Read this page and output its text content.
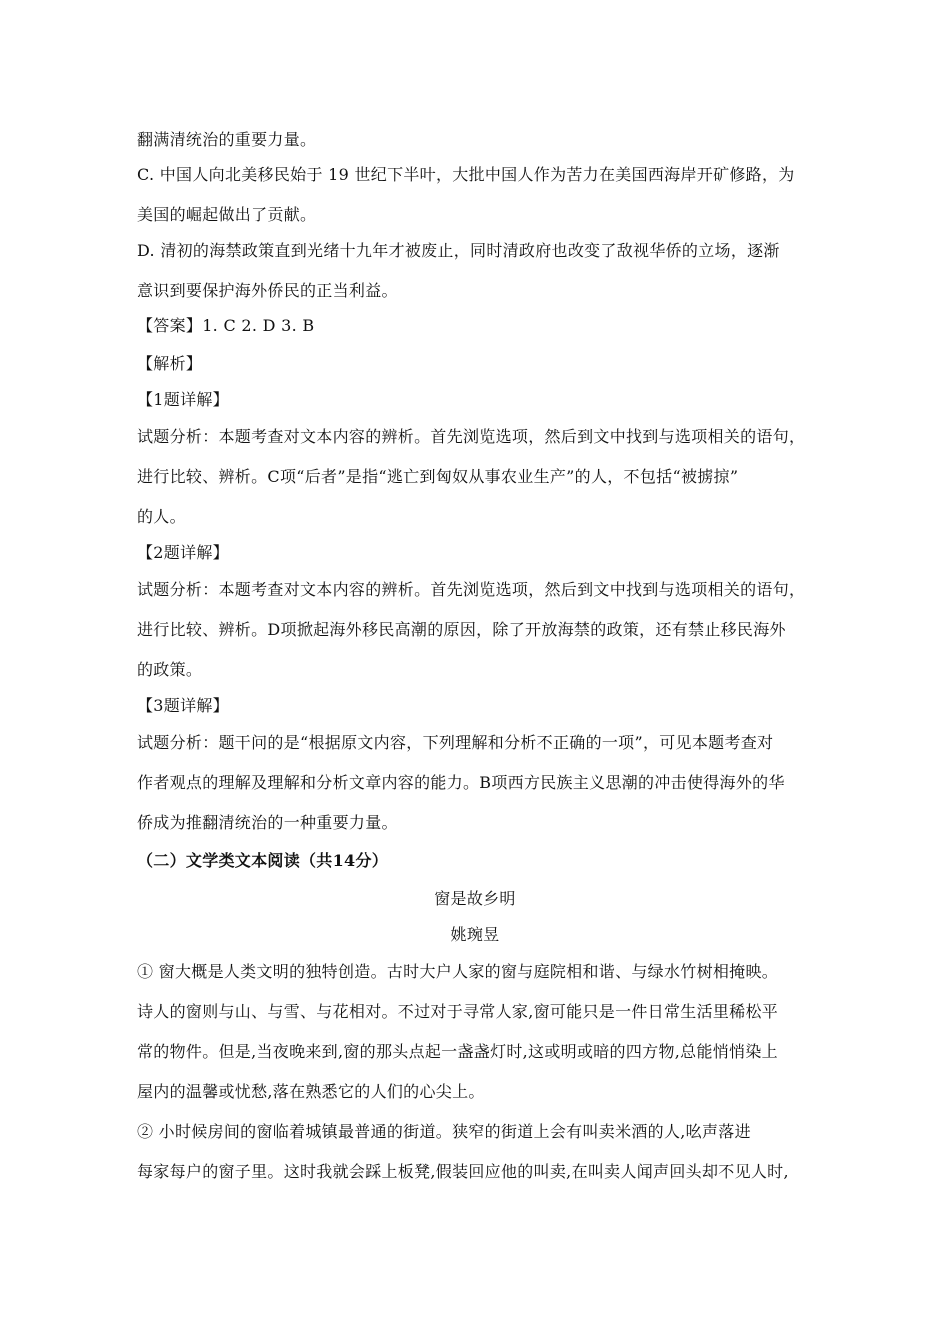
翻满清统治的重要力量。
C. 中国人向北美移民始于 19 世纪下半叶，大批中国人作为苦力在美国西海岸开矿修路，为
美国的崛起做出了贡献。
D. 清初的海禁政策直到光绪十九年才被废止，同时清政府也改变了敌视华侨的立场，逐渐
意识到要保护海外侨民的正当利益。
【答案】1. C 2. D 3. B
【解析】
【1题详解】
试题分析：本题考查对文本内容的辨析。首先浏览选项，然后到文中找到与选项相关的语句，
进行比较、辨析。C项“后者”是指“逃亡到匈奴从事农业生产”的人，不包括“被掳掠”
的人。
【2题详解】
试题分析：本题考查对文本内容的辨析。首先浏览选项，然后到文中找到与选项相关的语句，
进行比较、辨析。D项掀起海外移民高潮的原因，除了开放海禁的政策，还有禁止移民海外
的政策。
【3题详解】
试题分析：题干问的是“根据原文内容，下列理解和分析不正确的一项”，可见本题考查对
作者观点的理解及理解和分析文章内容的能力。B项西方民族主义思潮的冲击使得海外的华
侨成为推翻清统治的一种重要力量。
（二）文学类文本阅读（共14分）
窗是故乡明
姚琬昱
① 窗大概是人类文明的独特创造。古时大户人家的窗与庭院相和谐、与绿水竹树相掩映。
诗人的窗则与山、与雪、与花相对。不过对于寻常人家,窗可能只是一件日常生活里稀松平
常的物件。但是,当夜晚来到,窗的那头点起一盏盏灯时,这或明或暗的四方物,总能悄悄染上
屋内的温馨或忧愁,落在熟悉它的人们的心尖上。
② 小时候房间的窗临着城镇最普通的街道。狭窄的街道上会有叫卖米酒的人,吆声落进
每家每户的窗子里。这时我就会踩上板凳,假装回应他的叫卖,在叫卖人闻声回头却不见人时,
